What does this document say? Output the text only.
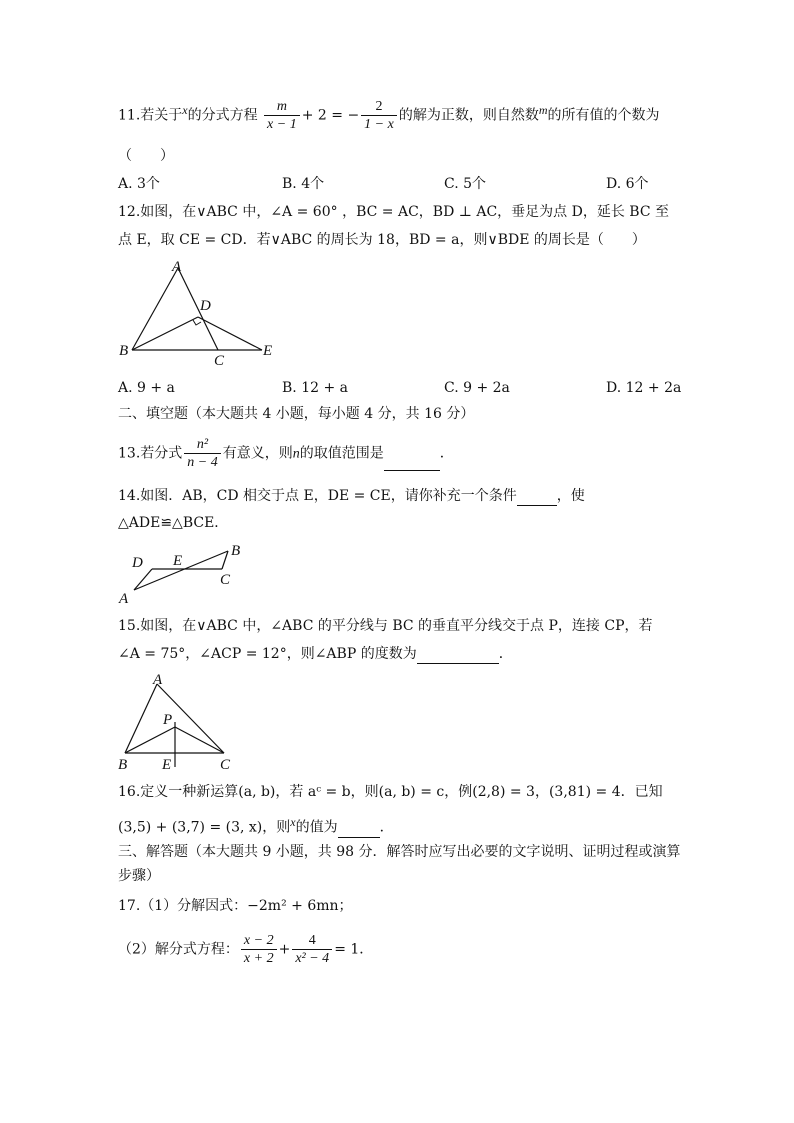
11.若关于x的分式方程 $\frac{m}{x - 1} + 2$ = − $\frac{2}{1 - x}$ 的解为正数，则自然数m的所有值的个数为
（　　）
A. 3个	B. 4个	C. 5个	D. 6个
12.如图，在∨ABC 中，∠A = 60° ，BC = AC，BD ⊥ AC，垂足为点 D，延长 BC 至
点 E，取 CE = CD．若∨ABC 的周长为 18，BD = a，则∨BDE 的周长是（　　）
A
D
B
C
E
A. 9 + a	B. 12 + a	C. 9 + 2a	D. 12 + 2a
二、填空题（本大题共 4 小题，每小题 4 分，共 16 分）
13.若分式 $\frac{\text{n²}}{n - 4}$ 有意义，则n的取值范围是	．
14.如图．AB，CD 相交于点 E，DE = CE，请你补充一个条件	，使
△ADE≌△BCE．
D E
B
C
A
15.如图，在∨ABC 中，∠ABC 的平分线与 BC 的垂直平分线交于点 P，连接 CP，若
∠A = 75°，∠ACP = 12°，则∠ABP 的度数为	．
A
P
B E	C
16.定义一种新运算(a, b)，若 aᶜ = b，则(a, b) = c，例(2,8) = 3，(3,81) = 4．已知
(3,5) + (3,7) = (3, x)，则x的值为	．
三、解答题（本大题共 9 小题，共 98 分．解答时应写出必要的文字说明、证明过程或演算
步骤）
17.（1）分解因式：−2m² + 6mn；
（2）解分式方程： $\frac{x - 2}{x + 2} + \frac{4}{\text{x² − 4}} = 1$．
